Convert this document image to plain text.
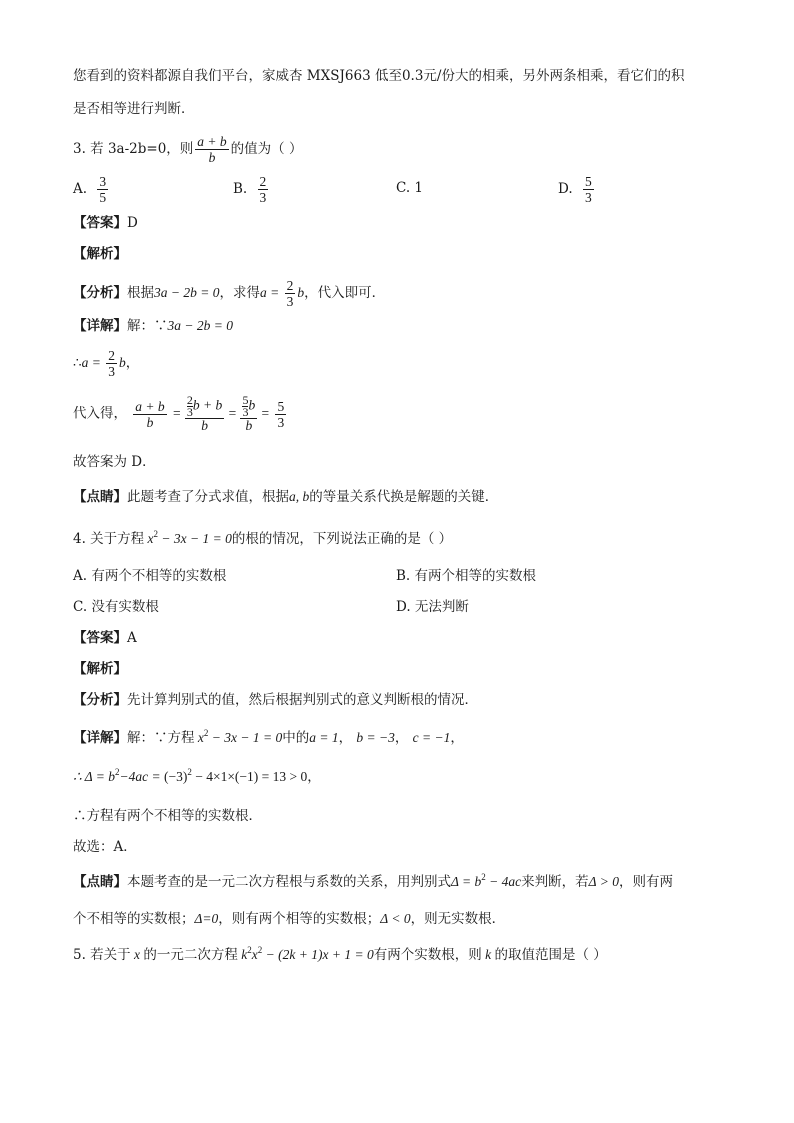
您看到的资料都源自我们平台，家威杏 MXSJ663 低至0.3元/份大的相乘，另外两条相乘，看它们的积
是否相等进行判断．
3. 若 3a-2b=0，则 $\frac{a + b}{b}$ 的值为（ ）
A. $\frac{3}{5}$	B. $\frac{2}{3}$	C. 1	D. $\frac{5}{3}$
【答案】D
【解析】
【分析】根据3a − 2b = 0，求得$a = \frac{2}{3}$ b，代入即可．
【详解】解：∵3a − 2b = 0
∴a = $\frac{2}{3}$ b，
代入得， $\frac{a + b}{b} = \frac{\frac{2}{3} b + b}{b} = \frac{\frac{5}{3} b}{b} = \frac{5}{3}$
故答案为 D．
【点睛】此题考查了分式求值，根据a, b的等量关系代换是解题的关键．
4. 关于方程 $x^2 - 3x - 1 = 0$的根的情况，下列说法正确的是（ ）
A. 有两个不相等的实数根	B. 有两个相等的实数根
C. 没有实数根	D. 无法判断
【答案】A
【解析】
【分析】先计算判别式的值，然后根据判别式的意义判断根的情况．
【详解】解：∵方程 $x^2 - 3x - 1 = 0$中的a = 1， b = −3， c = −1，
∴ $\Delta = b^2-4ac = (-3)^2 - 4\times 1\times(-1) = 13 > 0$，
∴方程有两个不相等的实数根．
故选：A．
【点睛】本题考查的是一元二次方程根与系数的关系，用判别式$\Delta = b^2 - 4ac$来判断，若Δ > 0，则有两
个不相等的实数根；Δ=0，则有两个相等的实数根；Δ < 0，则无实数根．
5. 若关于 x 的一元二次方程 $k^2x^2 - (2k + 1)x + 1 = 0$有两个实数根，则 k 的取值范围是（ ）
